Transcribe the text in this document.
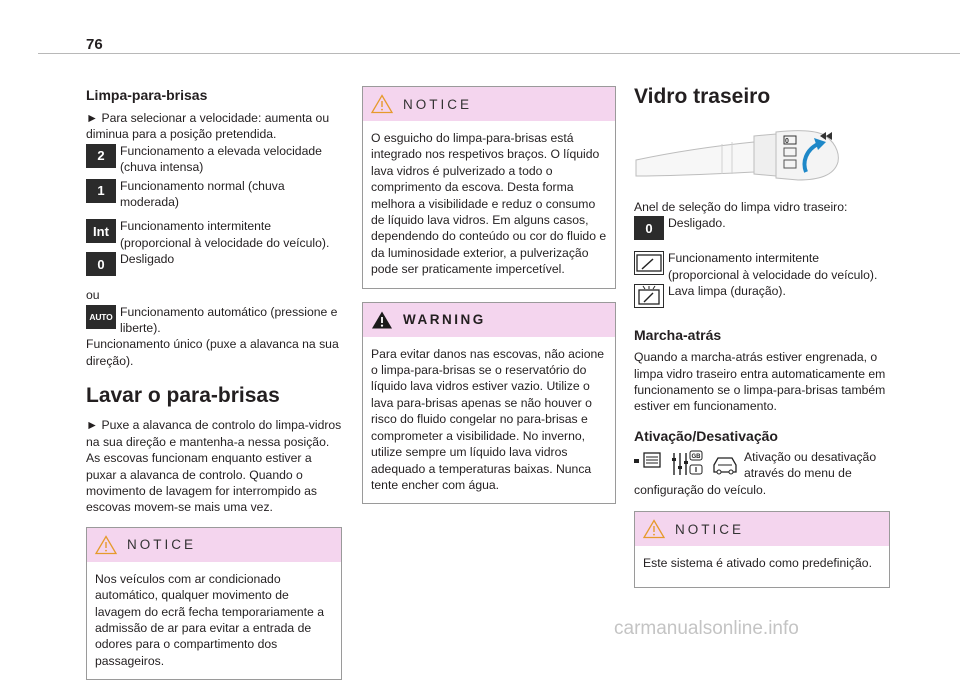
76
Limpa-para-brisas
► Para selecionar a velocidade: aumenta ou diminua para a posição pretendida.
2	Funcionamento a elevada velocidade (chuva intensa)
1	Funcionamento normal (chuva moderada)
Int Funcionamento intermitente (proporcional à velocidade do veículo).
0	Desligado
ou
AUTO Funcionamento automático (pressione e liberte).
Funcionamento único (puxe a alavanca na sua direção).
Lavar o para-brisas
► Puxe a alavanca de controlo do limpa-vidros na sua direção e mantenha-a nessa posição. As escovas funcionam enquanto estiver a puxar a alavanca de controlo. Quando o movimento de lavagem for interrompido as escovas movem-se mais uma vez.
NOTICE
Nos veículos com ar condicionado automático, qualquer movimento de lavagem do ecrã fecha temporariamente a admissão de ar para evitar a entrada de odores para o compartimento dos passageiros.
NOTICE
O esguicho do limpa-para-brisas está integrado nos respetivos braços. O líquido lava vidros é pulverizado a todo o comprimento da escova. Desta forma melhora a visibilidade e reduz o consumo de líquido lava vidros. Em alguns casos, dependendo do conteúdo ou cor do fluido e da luminosidade exterior, a pulverização pode ser praticamente impercetível.
WARNING
Para evitar danos nas escovas, não acione o limpa-para-brisas se o reservatório do líquido lava vidros estiver vazio. Utilize o lava para-brisas apenas se não houver o risco do fluido congelar no para-brisas e comprometer a visibilidade. No inverno, utilize sempre um líquido lava vidros adequado a temperaturas baixas. Nunca tente encher com água.
Vidro traseiro
0
Anel de seleção do limpa vidro traseiro:
0	Desligado.
Funcionamento intermitente (proporcional à velocidade do veículo).
Lava limpa (duração).
Marcha-atrás
Quando a marcha-atrás estiver engrenada, o limpa vidro traseiro entra automaticamente em funcionamento se o limpa-para-brisas também estiver em funcionamento.
Ativação/Desativação
GB	Ativação ou desativação através do menu de
configuração do veículo.
NOTICE
Este sistema é ativado como predefinição.
carmanualsonline.info
